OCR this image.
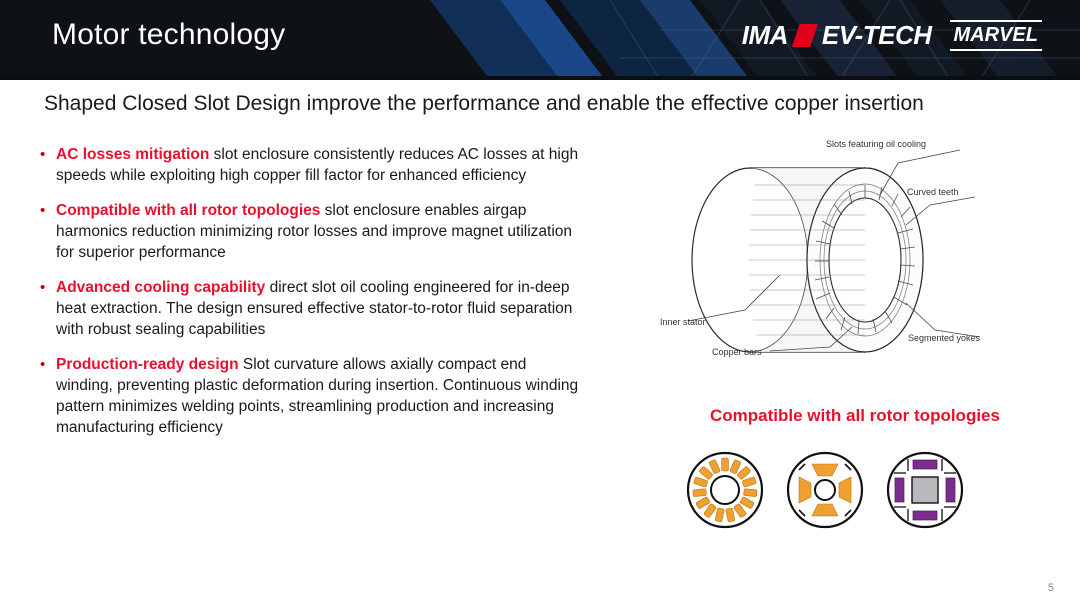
Motor technology	IMA EV-TECH MARVEL
Shaped Closed Slot Design improve the performance and enable the effective copper insertion
• AC losses mitigation slot enclosure consistently reduces AC losses at high speeds while exploiting high copper fill factor for enhanced efficiency
• Compatible with all rotor topologies slot enclosure enables airgap harmonics reduction minimizing rotor losses and improve magnet utilization for superior performance
• Advanced cooling capability direct slot oil cooling engineered for in-deep heat extraction. The design ensured effective stator-to-rotor fluid separation with robust sealing capabilities
• Production-ready design Slot curvature allows axially compact end winding, preventing plastic deformation during insertion. Continuous winding pattern minimizes welding points, streamlining production and increasing manufacturing efficiency
Slots featuring oil cooling
Curved teeth
Segmented yokes
Copper bars
Inner stator
Compatible with all rotor topologies
5
